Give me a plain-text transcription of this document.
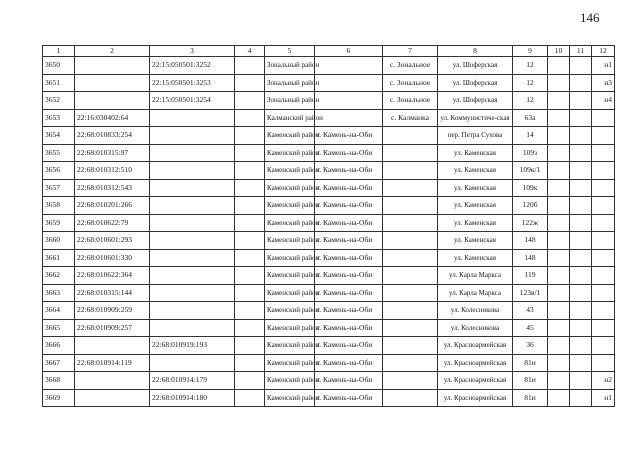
146
1	2	3	4	5	6	7	8	9	10	11	12
3650		22:15:050501:3252		Зональный район		с. Зональное	ул. Шоферская	12			н1
3651		22:15:050501:3253		Зональный район		с. Зональное	ул. Шоферская	12			н3
3652		22:15:050501:3254		Зональный район		с. Зональное	ул. Шоферская	12			н4
3653	22:16:030402:64			Калманский район		с. Калманка	ул. Коммунистиче-ская	63а			
3654	22:68:010833:254			Каменский район	г. Камень-на-Оби		пер. Петра Сухова	14			
3655	22:68:010315:97			Каменский район	г. Камень-на-Оби		ул. Каменская	109з			
3656	22:68:010312:510			Каменский район	г. Камень-на-Оби		ул. Каменская	109к/1			
3657	22:68:010312:543			Каменский район	г. Камень-на-Оби		ул. Каменская	109к			
3658	22:68:010201:266			Каменский район	г. Камень-на-Оби		ул. Каменская	120б			
3659	22:68:010622:79			Каменский район	г. Камень-на-Оби		ул. Каменская	122ж			
3660	22:68:010601:293			Каменский район	г. Камень-на-Оби		ул. Каменская	148			
3661	22:68:010601:330			Каменский район	г. Камень-на-Оби		ул. Каменская	148			
3662	22:68:010622:364			Каменский район	г. Камень-на-Оби		ул. Карла Маркса	119			
3663	22:68:010315:144			Каменский район	г. Камень-на-Оби		ул. Карла Маркса	123в/1			
3664	22:68:010909:259			Каменский район	г. Камень-на-Оби		ул. Колесникова	43			
3665	22:68:010909:257			Каменский район	г. Камень-на-Оби		ул. Колесникова	45			
3666		22:68:010919:193		Каменский район	г. Камень-на-Оби		ул. Красноармейская	36			
3667	22:68:010914:119			Каменский район	г. Камень-на-Оби		ул. Красноармейская	81и			
3668		22:68:010914:179		Каменский район	г. Камень-на-Оби		ул. Красноармейская	81и			н2
3669		22:68:010914:180		Каменский район	г. Камень-на-Оби		ул. Красноармейская	81и			н1
